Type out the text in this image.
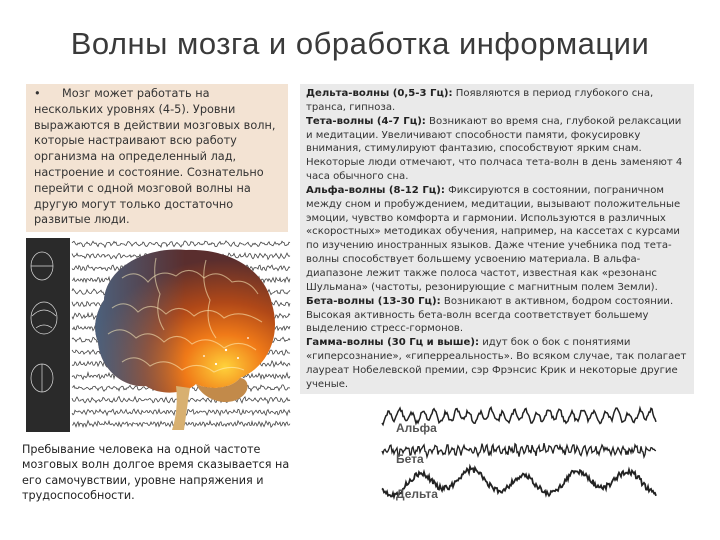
Волны мозга и обработка информации
• Мозг может работать на нескольких уровнях (4-5). Уровни выражаются в действии мозговых волн, которые настраивают всю работу организма на определенный лад, настроение и состояние. Сознательно перейти с одной мозговой волны на другую могут только достаточно развитые люди.
Пребывание человека на одной частоте мозговых волн долгое время сказывается на его самочувствии, уровне напряжения и трудоспособности.

Дельта-волны (0,5-3 Гц): Появляются в период глубокого сна, транса, гипноза.

Тета-волны (4-7 Гц): Возникают во время сна, глубокой релаксации и медитации. Увеличивают способности памяти, фокусировку внимания, стимулируют фантазию, способствуют ярким снам. Некоторые люди отмечают, что полчаса тета-волн в день заменяют 4 часа обычного сна.

Альфа-волны (8-12 Гц): Фиксируются в состоянии, пограничном между сном и пробуждением, медитации, вызывают положительные эмоции, чувство комфорта и гармонии. Используются в различных «скоростных» методиках обучения, например, на кассетах с курсами по изучению иностранных языков. Даже чтение учебника под тета-волны способствует большему усвоению материала. В альфа-диапазоне лежит также полоса частот, известная как «резонанс Шульмана» (частоты, резонирующие с магнитным полем Земли).

Бета-волны (13-30 Гц): Возникают в активном, бодром состоянии. Высокая активность бета-волн всегда соответствует большему выделению стресс-гормонов.

Гамма-волны (30 Гц и выше): идут бок о бок с понятиями «гиперсознание», «гиперреальность». Во всяком случае, так полагает лауреат Нобелевской премии, сэр Фрэнсис Крик и некоторые другие ученые.

Альфа
Бета
Дельта
